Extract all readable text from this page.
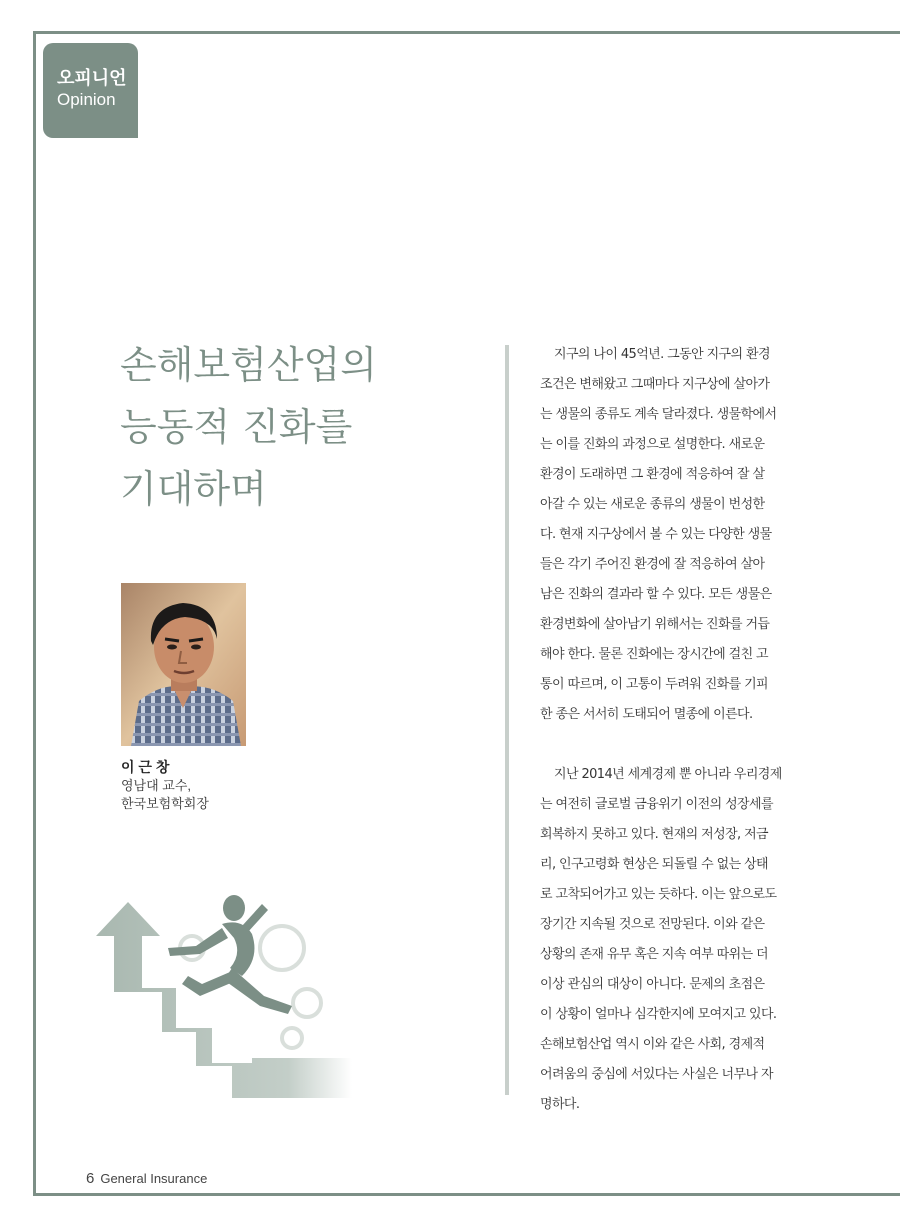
오피니언
Opinion
손해보험산업의
능동적 진화를
기대하며
이 근 창
영남대 교수,
한국보험학회장

지구의 나이 45억년. 그동안 지구의 환경
조건은 변해왔고 그때마다 지구상에 살아가
는 생물의 종류도 계속 달라졌다. 생물학에서
는 이를 진화의 과정으로 설명한다. 새로운
환경이 도래하면 그 환경에 적응하여 잘 살
아갈 수 있는 새로운 종류의 생물이 번성한
다. 현재 지구상에서 볼 수 있는 다양한 생물
들은 각기 주어진 환경에 잘 적응하여 살아
남은 진화의 결과라 할 수 있다. 모든 생물은
환경변화에 살아남기 위해서는 진화를 거듭
해야 한다. 물론 진화에는 장시간에 걸친 고
통이 따르며, 이 고통이 두려워 진화를 기피
한 종은 서서히 도태되어 멸종에 이른다.

지난 2014년 세계경제 뿐 아니라 우리경제
는 여전히 글로벌 금융위기 이전의 성장세를
회복하지 못하고 있다. 현재의 저성장, 저금
리, 인구고령화 현상은 되돌릴 수 없는 상태
로 고착되어가고 있는 듯하다. 이는 앞으로도
장기간 지속될 것으로 전망된다. 이와 같은
상황의 존재 유무 혹은 지속 여부 따위는 더
이상 관심의 대상이 아니다. 문제의 초점은
이 상황이 얼마나 심각한지에 모여지고 있다.
손해보험산업 역시 이와 같은 사회, 경제적
어려움의 중심에 서있다는 사실은 너무나 자
명하다.

6 General Insurance
